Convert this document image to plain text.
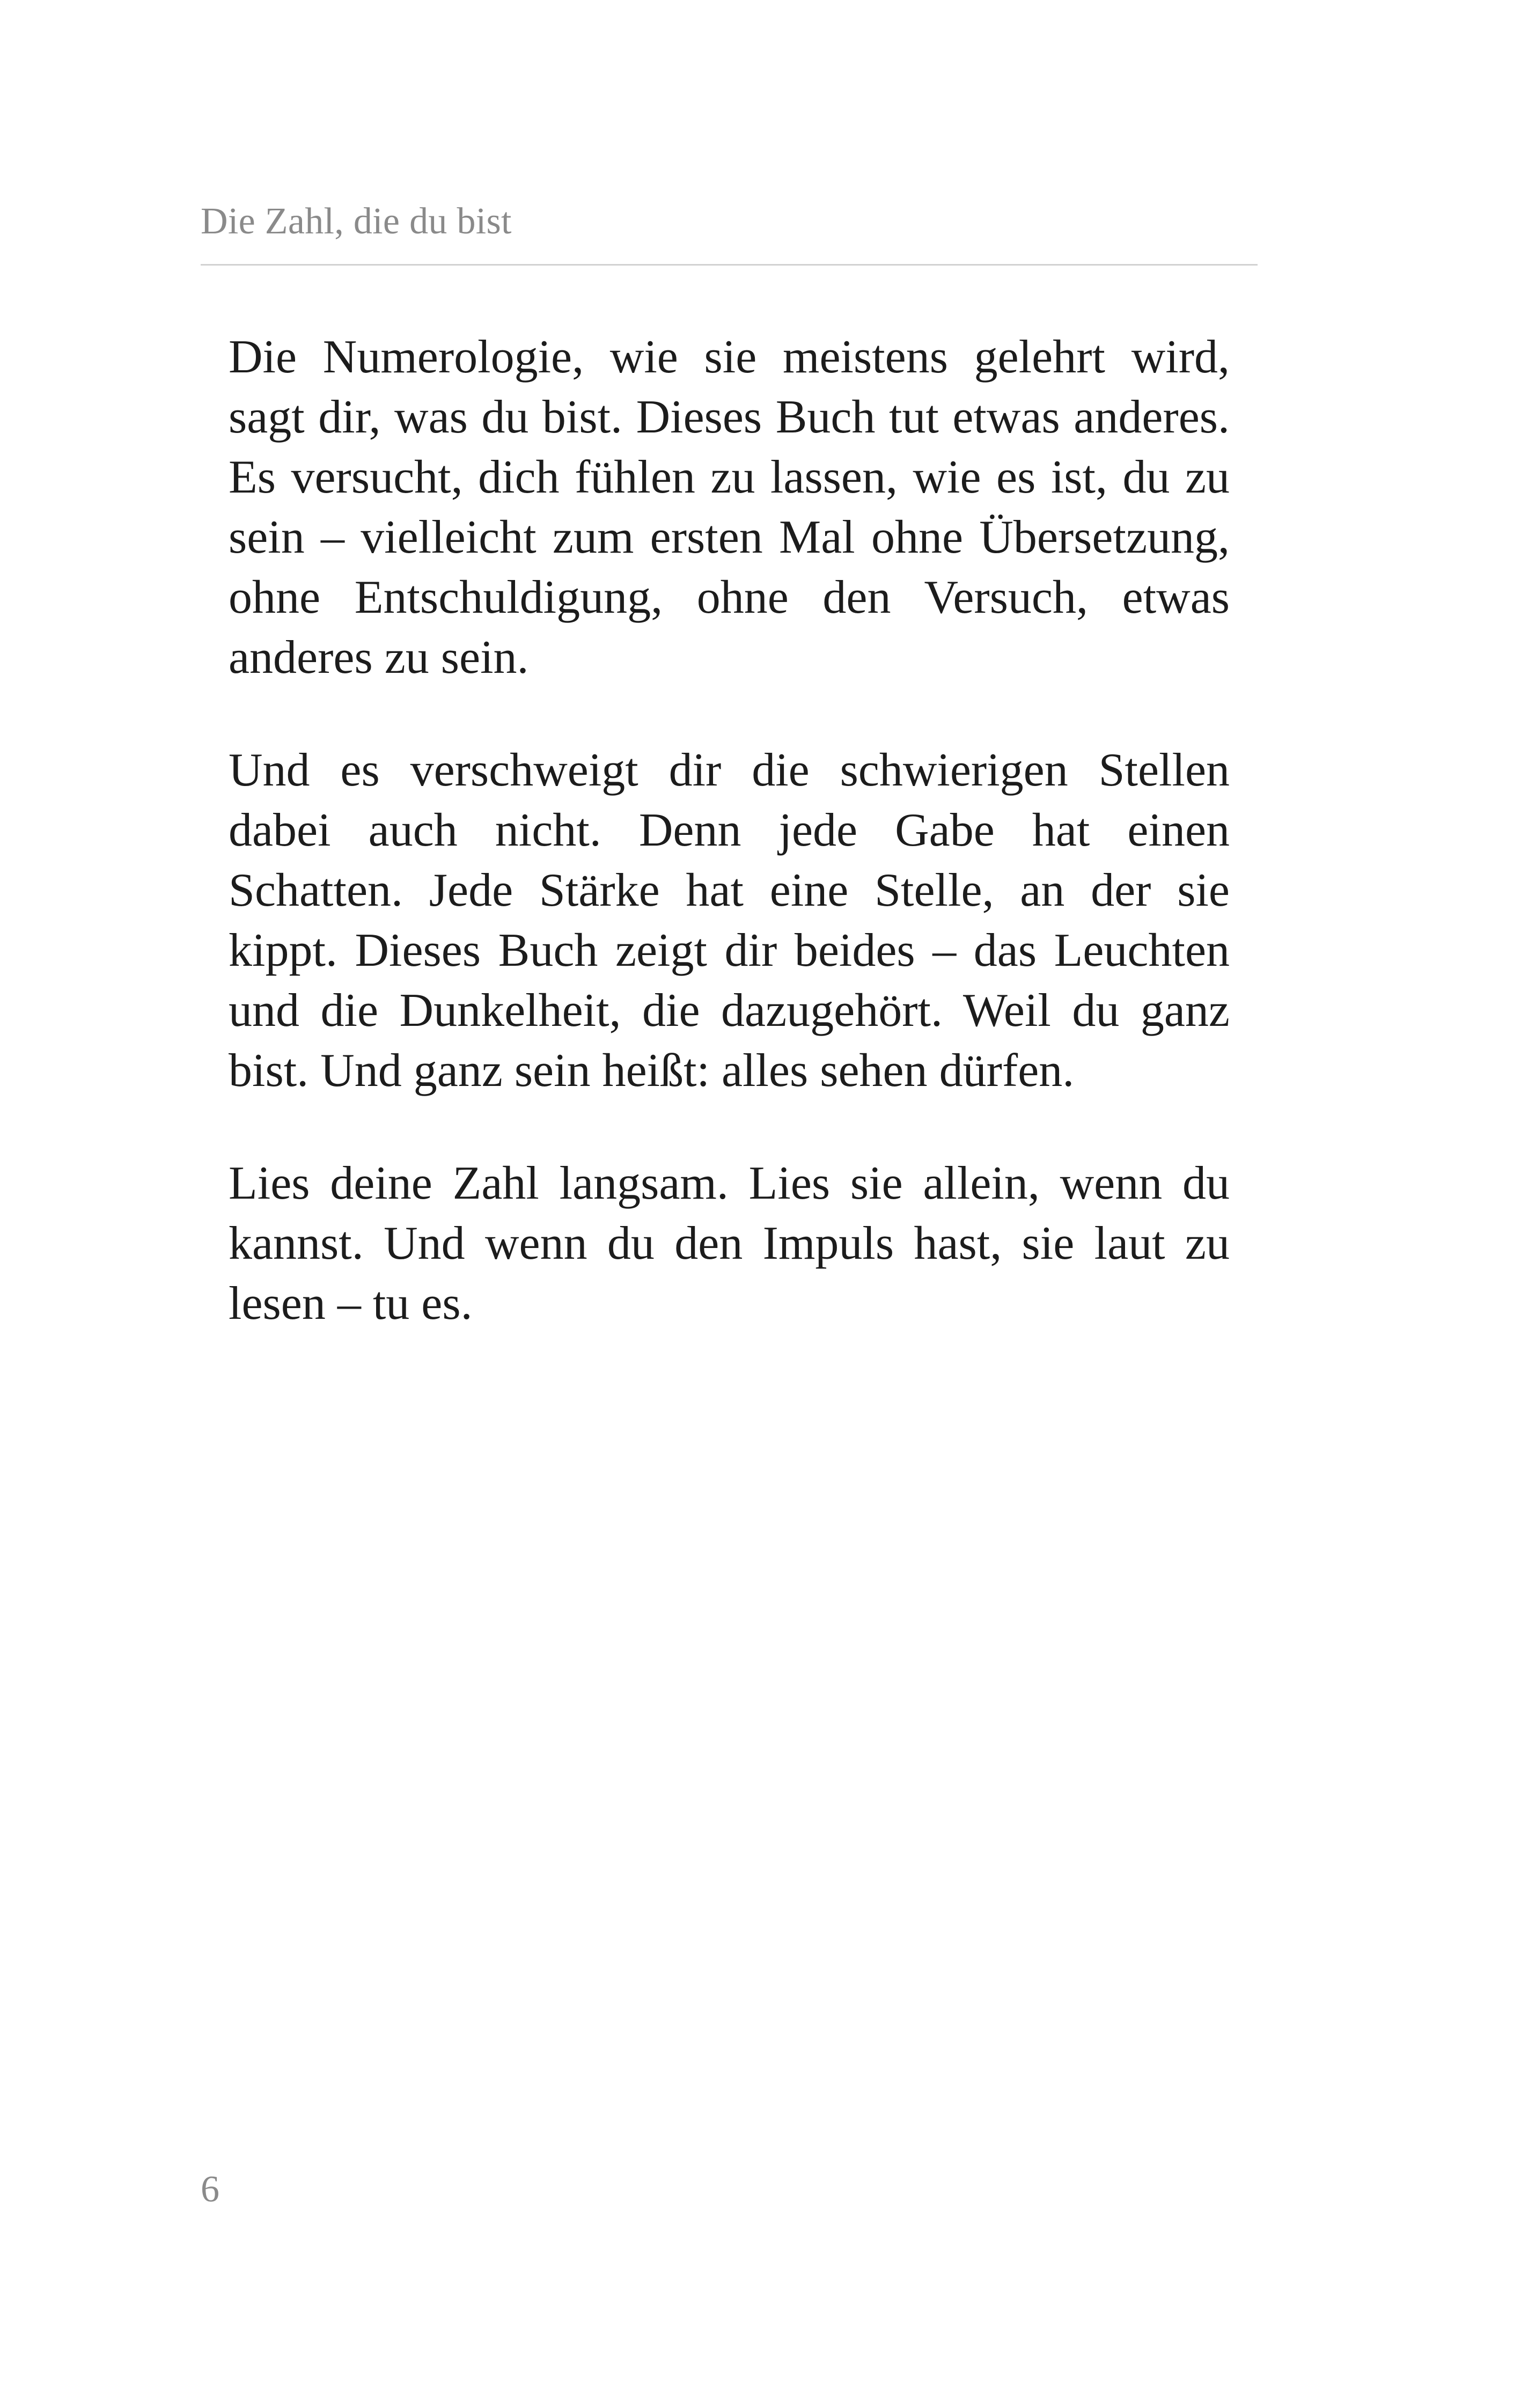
Die Zahl, die du bist

Die Numerologie, wie sie meistens gelehrt wird, sagt dir, was du bist. Dieses Buch tut etwas anderes. Es versucht, dich fühlen zu lassen, wie es ist, du zu sein – vielleicht zum ersten Mal ohne Übersetzung, ohne Entschuldigung, ohne den Versuch, etwas anderes zu sein.

Und es verschweigt dir die schwierigen Stellen dabei auch nicht. Denn jede Gabe hat einen Schatten. Jede Stärke hat eine Stelle, an der sie kippt. Dieses Buch zeigt dir beides – das Leuchten und die Dunkelheit, die dazugehört. Weil du ganz bist. Und ganz sein heißt: alles sehen dürfen.

Lies deine Zahl langsam. Lies sie allein, wenn du kannst. Und wenn du den Impuls hast, sie laut zu lesen – tu es.

6
